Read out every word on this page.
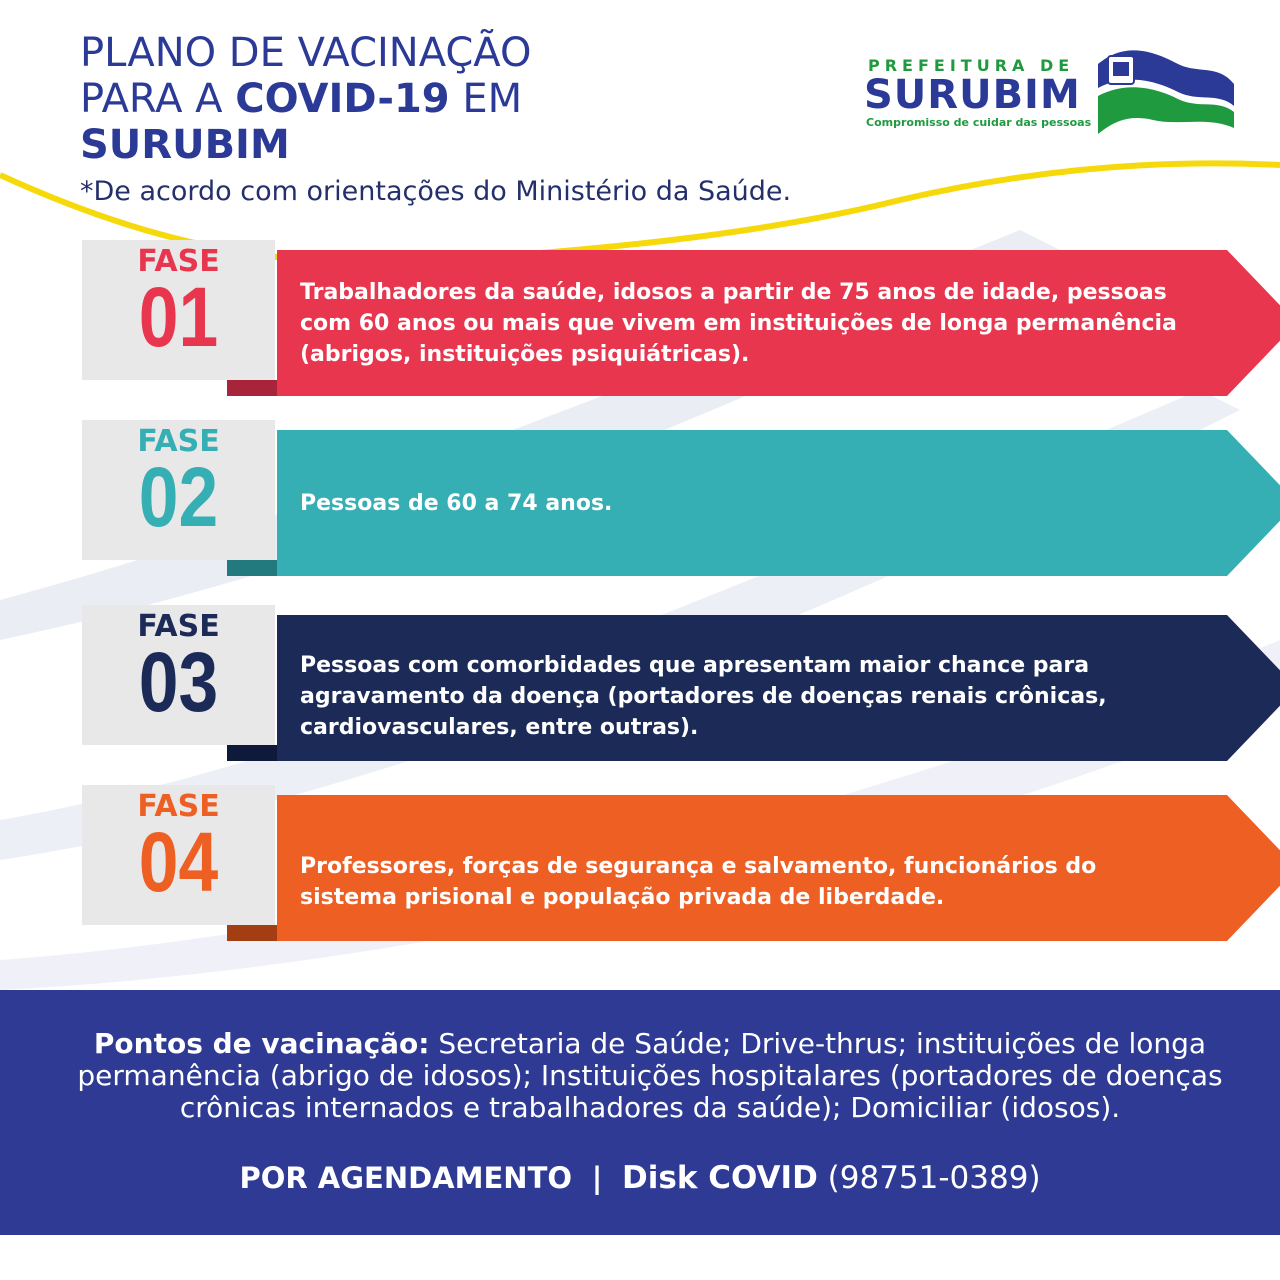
PLANO DE VACINAÇÃO
PARA A COVID-19 EM
SURUBIM
*De acordo com orientações do Ministério da Saúde.
PREFEITURA DE
SURUBIM
Compromisso de cuidar das pessoas
FASE
01	Trabalhadores da saúde, idosos a partir de 75 anos de idade, pessoas com 60 anos ou mais que vivem em instituições de longa permanência (abrigos, instituições psiquiátricas).
FASE
02	Pessoas de 60 a 74 anos.
FASE
03	Pessoas com comorbidades que apresentam maior chance para agravamento da doença (portadores de doenças renais crônicas, cardiovasculares, entre outras).
FASE
04	Professores, forças de segurança e salvamento, funcionários do sistema prisional e população privada de liberdade.
Pontos de vacinação: Secretaria de Saúde; Drive-thrus; instituições de longa permanência (abrigo de idosos); Instituições hospitalares (portadores de doenças crônicas internados e trabalhadores da saúde); Domiciliar (idosos).
POR AGENDAMENTO | Disk COVID (98751-0389)
